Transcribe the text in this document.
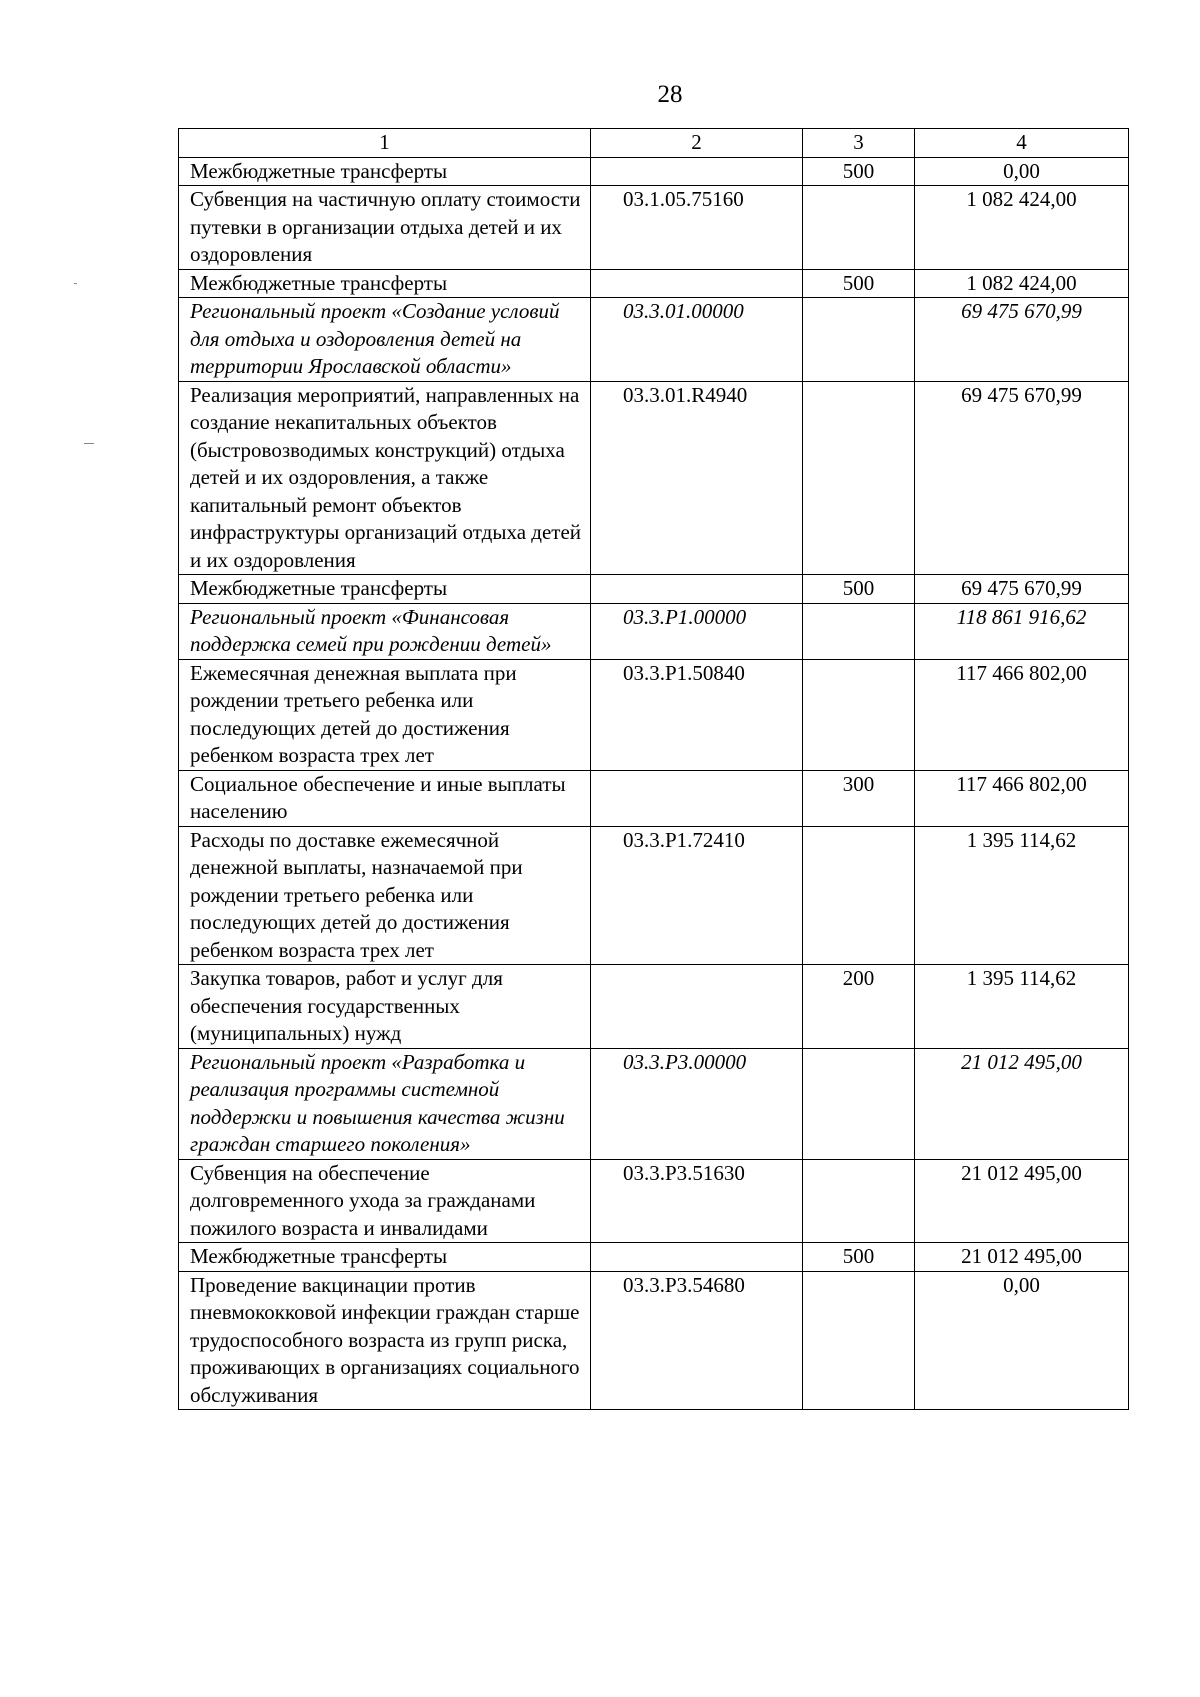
28
1	2	3	4
Межбюджетные трансферты		500	0,00
Субвенция на частичную оплату стоимости путевки в организации отдыха детей и их оздоровления	03.1.05.75160		1 082 424,00
Межбюджетные трансферты		500	1 082 424,00
Региональный проект «Создание условий для отдыха и оздоровления детей на территории Ярославской области»	03.3.01.00000		69 475 670,99
Реализация мероприятий, направленных на создание некапитальных объектов (быстровозводимых конструкций) отдыха детей и их оздоровления, а также капитальный ремонт объектов инфраструктуры организаций отдыха детей и их оздоровления	03.3.01.R4940		69 475 670,99
Межбюджетные трансферты		500	69 475 670,99
Региональный проект «Финансовая поддержка семей при рождении детей»	03.3.P1.00000		118 861 916,62
Ежемесячная денежная выплата при рождении третьего ребенка или последующих детей до достижения ребенком возраста трех лет	03.3.P1.50840		117 466 802,00
Социальное обеспечение и иные выплаты населению		300	117 466 802,00
Расходы по доставке ежемесячной денежной выплаты, назначаемой при рождении третьего ребенка или последующих детей до достижения ребенком возраста трех лет	03.3.P1.72410		1 395 114,62
Закупка товаров, работ и услуг для обеспечения государственных (муниципальных) нужд		200	1 395 114,62
Региональный проект «Разработка и реализация программы системной поддержки и повышения качества жизни граждан старшего поколения»	03.3.P3.00000		21 012 495,00
Субвенция на обеспечение долговременного ухода за гражданами пожилого возраста и инвалидами	03.3.P3.51630		21 012 495,00
Межбюджетные трансферты		500	21 012 495,00
Проведение вакцинации против пневмококковой инфекции граждан старше трудоспособного возраста из групп риска, проживающих в организациях социального обслуживания	03.3.P3.54680		0,00
